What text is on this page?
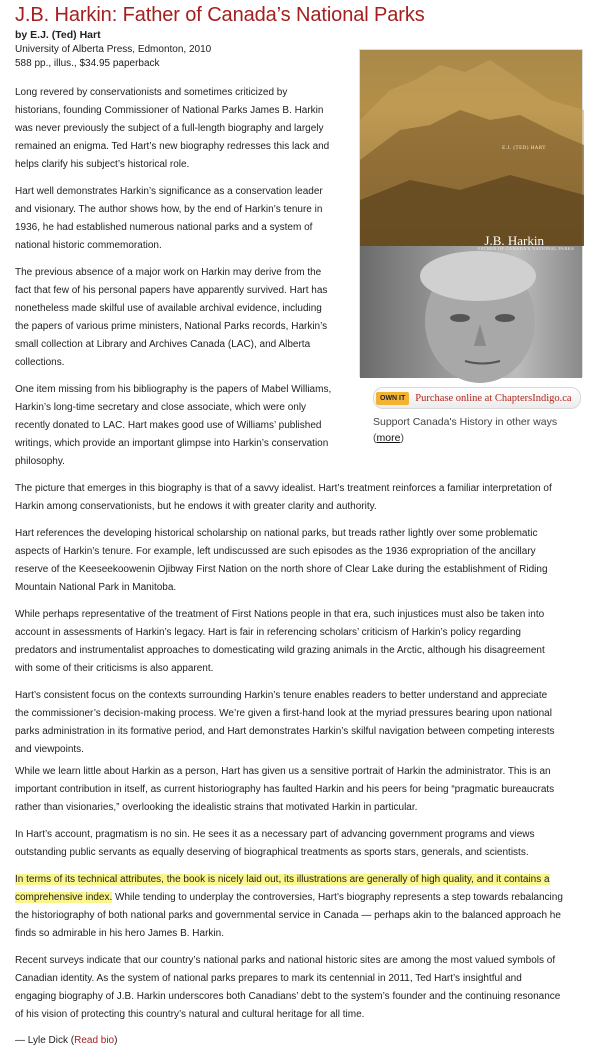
J.B. Harkin: Father of Canada’s National Parks
by E.J. (Ted) Hart
University of Alberta Press, Edmonton, 2010
588 pp., illus., $34.95 paperback

Long revered by conservationists and sometimes criticized by historians, founding Commissioner of National Parks James B. Harkin was never previously the subject of a full-length biography and largely remained an enigma. Ted Hart’s new biography redresses this lack and helps clarify his subject’s historical role.

Hart well demonstrates Harkin’s significance as a conservation leader and visionary. The author shows how, by the end of Harkin’s tenure in 1936, he had established numerous national parks and a system of national historic commemoration.

The previous absence of a major work on Harkin may derive from the fact that few of his personal papers have apparently survived. Hart has nonetheless made skilful use of available archival evidence, including the papers of various prime ministers, National Parks records, Harkin’s small collection at Library and Archives Canada (LAC), and Alberta collections.

One item missing from his bibliography is the papers of Mabel Williams, Harkin’s long-time secretary and close associate, which were only recently donated to LAC. Hart makes good use of Williams’ published writings, which provide an important glimpse into Harkin’s conservation philosophy.

The picture that emerges in this biography is that of a savvy idealist. Hart’s treatment reinforces a familiar interpretation of Harkin among conservationists, but he endows it with greater clarity and authority.

Hart references the developing historical scholarship on national parks, but treads rather lightly over some problematic aspects of Harkin’s tenure. For example, left undiscussed are such episodes as the 1936 expropriation of the ancillary reserve of the Keeseekoowenin Ojibway First Nation on the north shore of Clear Lake during the establishment of Riding Mountain National Park in Manitoba.

While perhaps representative of the treatment of First Nations people in that era, such injustices must also be taken into account in assessments of Harkin’s legacy. Hart is fair in referencing scholars’ criticism of Harkin’s policy regarding predators and instrumentalist approaches to domesticating wild grazing animals in the Arctic, although his disagreement with some of their criticisms is also apparent.

Hart’s consistent focus on the contexts surrounding Harkin’s tenure enables readers to better understand and appreciate the commissioner’s decision-making process. We’re given a first-hand look at the myriad pressures bearing upon national parks administration in its formative period, and Hart demonstrates Harkin’s skilful navigation between competing interests and viewpoints.

While we learn little about Harkin as a person, Hart has given us a sensitive portrait of Harkin the administrator. This is an important contribution in itself, as current historiography has faulted Harkin and his peers for being “pragmatic bureaucrats rather than visionaries,” overlooking the idealistic strains that motivated Harkin in particular.

In Hart’s account, pragmatism is no sin. He sees it as a necessary part of advancing government programs and views outstanding public servants as equally deserving of biographical treatments as sports stars, generals, and scientists.

In terms of its technical attributes, the book is nicely laid out, its illustrations are generally of high quality, and it contains a comprehensive index. While tending to underplay the controversies, Hart’s biography represents a step towards rebalancing the historiography of both national parks and governmental service in Canada — perhaps akin to the balanced approach he finds so admirable in his hero James B. Harkin.

Recent surveys indicate that our country’s national parks and national historic sites are among the most valued symbols of Canadian identity. As the system of national parks prepares to mark its centennial in 2011, Ted Hart’s insightful and engaging biography of J.B. Harkin underscores both Canadians’ debt to the system’s founder and the continuing resonance of his vision of protecting this country’s natural and cultural heritage for all time.

— Lyle Dick (Read bio)

E.J. (TED) HART
J.B. Harkin
FATHER OF CANADA'S NATIONAL PARKS
OWN IT Purchase online at ChaptersIndigo.ca
Support Canada's History in other ways
(more)
